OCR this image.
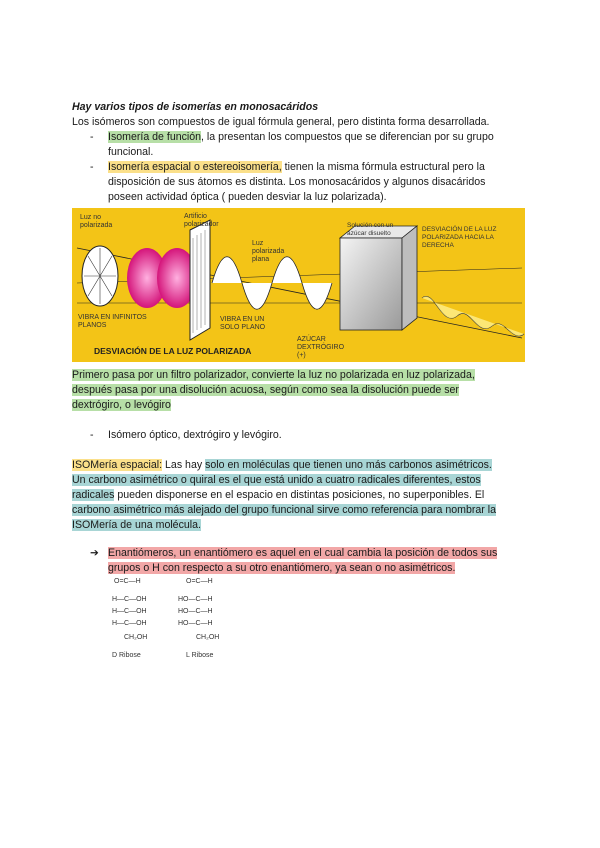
Hay varios tipos de isomerías en monosacáridos
Los isómeros son compuestos de igual fórmula general, pero distinta forma desarrollada.
- Isomería de función, la presentan los compuestos que se diferencian por su grupo
funcional.
- Isomería espacial o estereoisomería, tienen la misma fórmula estructural pero la
disposición de sus átomos es distinta. Los monosacáridos y algunos disacáridos
poseen actividad óptica ( pueden desviar la luz polarizada).
Luz no polarizada
Artificio polarizador
Luz polarizada plana
Solución con un azúcar disuelto
DESVIACIÓN DE LA LUZ POLARIZADA HACIA LA DERECHA
VIBRA EN INFINITOS PLANOS
VIBRA EN UN SOLO PLANO
AZÚCAR DEXTRÓGIRO (+)
DESVIACIÓN DE LA LUZ POLARIZADA
Primero pasa por un filtro polarizador, convierte la luz no polarizada en luz polarizada,
después pasa por una disolución acuosa, según como sea la disolución puede ser
dextrógiro, o levógiro
- Isómero óptico, dextrógiro y levógiro.
ISOMería espacial: Las hay solo en moléculas que tienen uno más carbonos asimétricos.
Un carbono asimétrico o quiral es el que está unido a cuatro radicales diferentes, estos
radicales pueden disponerse en el espacio en distintas posiciones, no superponibles. El
carbono asimétrico más alejado del grupo funcional sirve como referencia para nombrar la
ISOMería de una molécula.
➔ Enantiómeros, un enantiómero es aquel en el cual cambia la posición de todos sus
grupos o H con respecto a su otro enantiómero, ya sean o no asimétricos.
O=C—H
H—C—OH
H—C—OH
H—C—OH
CH₂OH
D Ribose
O=C—H
HO—C—H
HO—C—H
HO—C—H
CH₂OH
L Ribose
